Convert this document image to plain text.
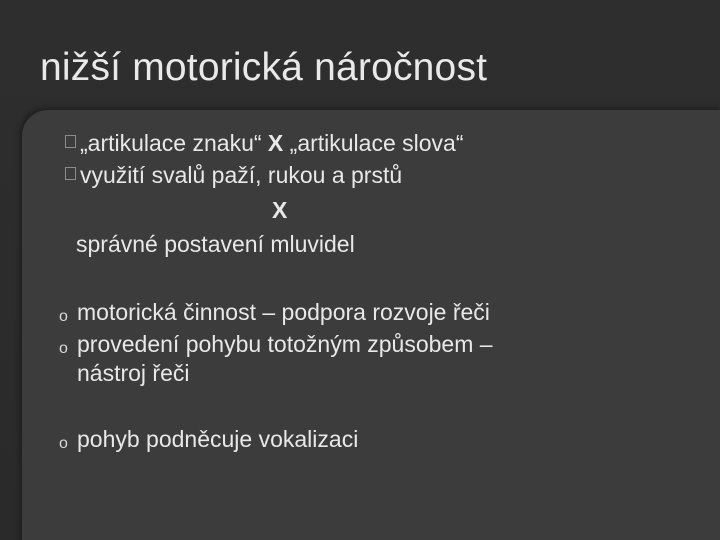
nižší motorická náročnost
„artikulace znaku“ X „artikulace slova“
využití svalů paží, rukou a prstů
X
správné postavení mluvidel
o motorická činnost – podpora rozvoje řeči
o provedení pohybu totožným způsobem –
nástroj řeči
o pohyb podněcuje vokalizaci
